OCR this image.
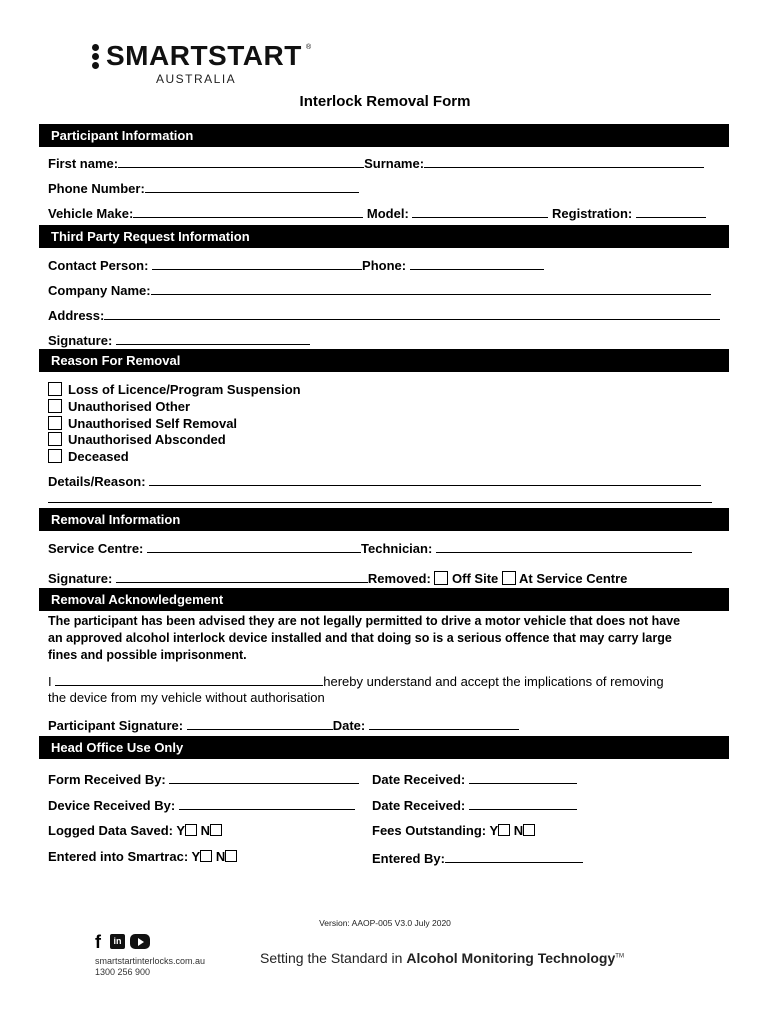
SMARTSTART ®
AUSTRALIA
Interlock Removal Form
Participant Information
First name:	Surname:
Phone Number:
Vehicle Make:	Model:	Registration:
Third Party Request Information
Contact Person:	Phone:
Company Name:
Address:
Signature:
Reason For Removal
Loss of Licence/Program Suspension
Unauthorised Other
Unauthorised Self Removal
Unauthorised Absconded
Deceased
Details/Reason:
Removal Information
Service Centre:	Technician:
Signature:	Removed: Off Site At Service Centre
Removal Acknowledgement
The participant has been advised they are not legally permitted to drive a motor vehicle that does not have an approved alcohol interlock device installed and that doing so is a serious offence that may carry large fines and possible imprisonment.
I	hereby understand and accept the implications of removing
the device from my vehicle without authorisation
Participant Signature:	Date:
Head Office Use Only
Form Received By:	Date Received:
Device Received By:	Date Received:
Logged Data Saved: Y N	Fees Outstanding: Y N
Entered into Smartrac: Y N	Entered By:
Version: AAOP-005 V3.0 July 2020
f	in
smartstartinterlocks.com.au
1300 256 900
Setting the Standard in Alcohol Monitoring Technology™
